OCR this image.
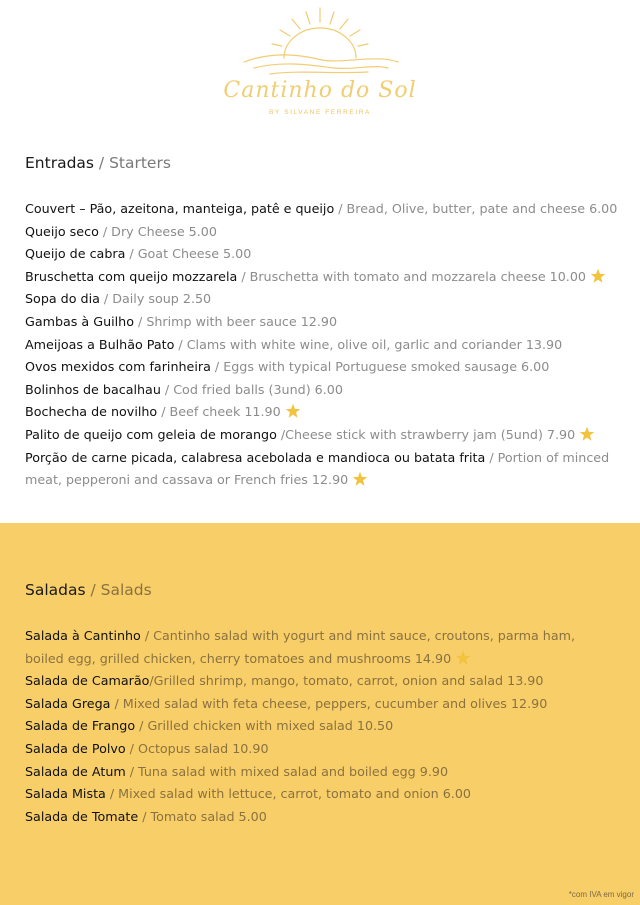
Cantinho do Sol
BY SILVANE FERREIRA
Entradas / Starters
Couvert – Pão, azeitona, manteiga, patê e queijo / Bread, Olive, butter, pate and cheese 6.00
Queijo seco / Dry Cheese 5.00
Queijo de cabra / Goat Cheese 5.00
Bruschetta com queijo mozzarela / Bruschetta with tomato and mozzarela cheese 10.00
Sopa do dia / Daily soup 2.50
Gambas à Guilho / Shrimp with beer sauce 12.90
Ameijoas a Bulhão Pato / Clams with white wine, olive oil, garlic and coriander 13.90
Ovos mexidos com farinheira / Eggs with typical Portuguese smoked sausage 6.00
Bolinhos de bacalhau / Cod fried balls (3und) 6.00
Bochecha de novilho / Beef cheek 11.90
Palito de queijo com geleia de morango /Cheese stick with strawberry jam (5und) 7.90
Porção de carne picada, calabresa acebolada e mandioca ou batata frita / Portion of minced meat, pepperoni and cassava or French fries 12.90
Saladas / Salads
Salada à Cantinho / Cantinho salad with yogurt and mint sauce, croutons, parma ham, boiled egg, grilled chicken, cherry tomatoes and mushrooms 14.90
Salada de Camarão/Grilled shrimp, mango, tomato, carrot, onion and salad 13.90
Salada Grega / Mixed salad with feta cheese, peppers, cucumber and olives 12.90
Salada de Frango / Grilled chicken with mixed salad 10.50
Salada de Polvo / Octopus salad 10.90
Salada de Atum / Tuna salad with mixed salad and boiled egg 9.90
Salada Mista / Mixed salad with lettuce, carrot, tomato and onion 6.00
Salada de Tomate / Tomato salad 5.00
*com IVA em vigor
